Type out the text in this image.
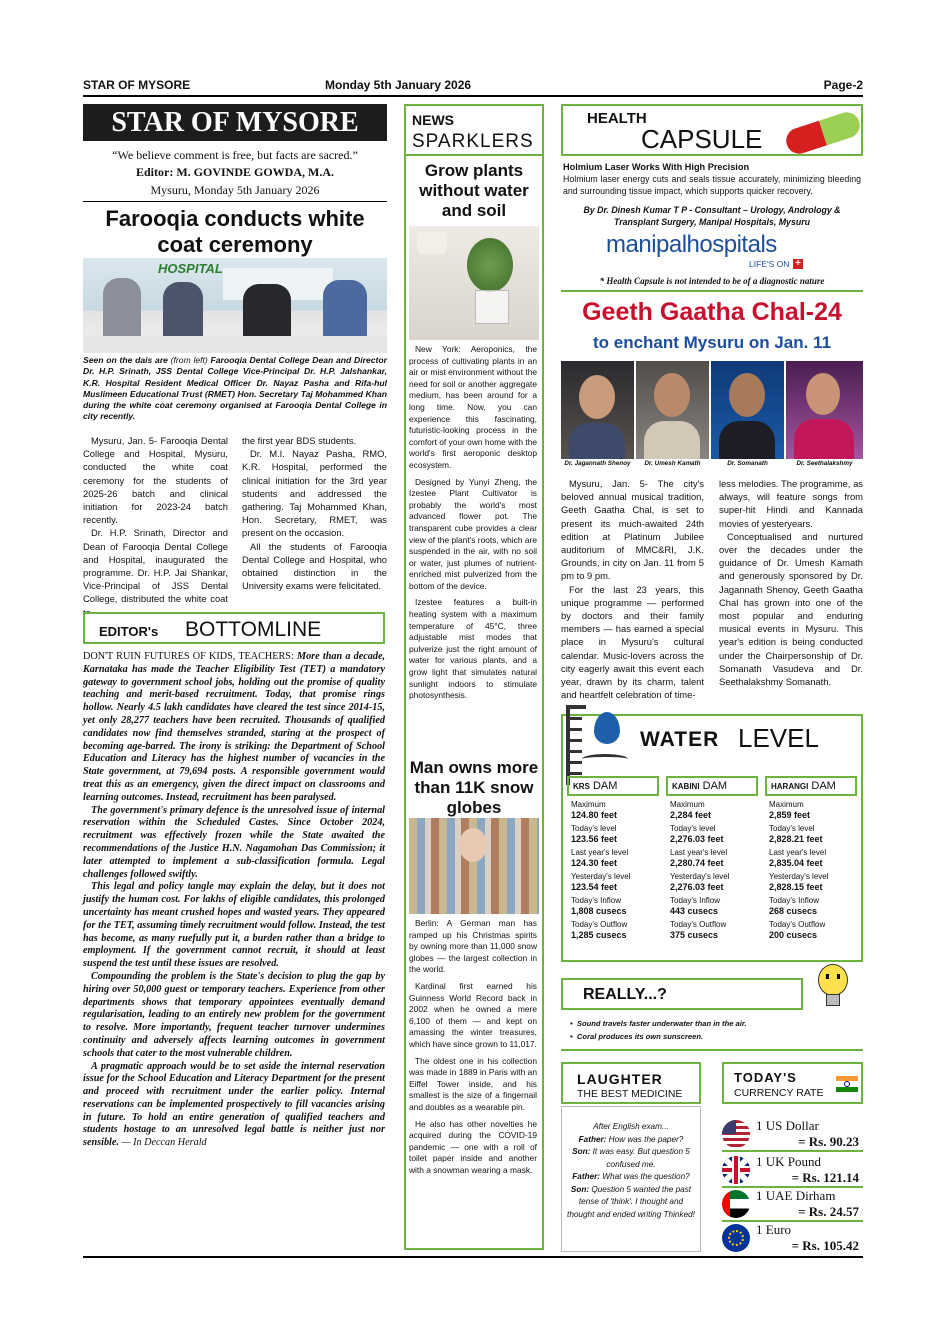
STAR OF MYSORE	Monday 5th January 2026	Page-2
STAR OF MYSORE
“We believe comment is free, but facts are sacred.”
Editor: M. GOVINDE GOWDA, M.A.
Mysuru, Monday 5th January 2026
Farooqia conducts white coat ceremony
HOSPITAL
Seen on the dais are (from left) Farooqia Dental College Dean and Director Dr. H.P. Srinath, JSS Dental College Vice-Principal Dr. H.P. Jalshankar, K.R. Hospital Resident Medical Officer Dr. Nayaz Pasha and Rifa-hul Muslimeen Educational Trust (RMET) Hon. Secretary Taj Mohammed Khan during the white coat ceremony organised at Farooqia Dental College in city recently.

Mysuru, Jan. 5- Farooqia Dental College and Hospital, Mysuru, conducted the white coat ceremony for the students of 2025-26 batch and clinical initiation for 2023-24 batch recently.

Dr. H.P. Srinath, Director and Dean of Farooqia Dental College and Hospital, inaugurated the programme. Dr. H.P. Jai Shankar, Vice-Principal of JSS Dental College, distributed the white coat

the first year BDS students.

Dr. M.I. Nayaz Pasha, RMO, K.R. Hospital, performed the clinical initiation for the 3rd year students and addressed the gathering. Taj Mohammed Khan, Hon. Secretary, RMET, was present on the occasion.

All the students of Farooqia Dental College and Hospital, who obtained distinction in the University exams were felicitated.

EDITOR's BOTTOMLINE

DON'T RUIN FUTURES OF KIDS, TEACHERS: More than a decade, Karnataka has made the Teacher Eligibility Test (TET) a mandatory gateway to government school jobs, holding out the promise of quality teaching and merit-based recruitment. Today, that promise rings hollow. Nearly 4.5 lakh candidates have cleared the test since 2014-15, yet only 28,277 teachers have been recruited. Thousands of qualified candidates now find themselves stranded, staring at the prospect of becoming age-barred. The irony is striking: the Department of School Education and Literacy has the highest number of vacancies in the State government, at 79,694 posts. A responsible government would treat this as an emergency, given the direct impact on classrooms and learning outcomes. Instead, recruitment has been paralysed.

The government's primary defence is the unresolved issue of internal reservation within the Scheduled Castes. Since October 2024, recruitment was effectively frozen while the State awaited the recommendations of the Justice H.N. Nagamohan Das Commission; it later attempted to implement a sub-classification formula. Legal challenges followed swiftly.

This legal and policy tangle may explain the delay, but it does not justify the human cost. For lakhs of eligible candidates, this prolonged uncertainty has meant crushed hopes and wasted years. They appeared for the TET, assuming timely recruitment would follow. Instead, the test has become, as many ruefully put it, a burden rather than a bridge to employment. If the government cannot recruit, it should at least suspend the test until these issues are resolved.

Compounding the problem is the State's decision to plug the gap by hiring over 50,000 guest or temporary teachers. Experience from other departments shows that temporary appointees eventually demand regularisation, leading to an entirely new problem for the government to resolve. More importantly, frequent teacher turnover undermines continuity and adversely affects learning outcomes in government schools that cater to the most vulnerable children.

A pragmatic approach would be to set aside the internal reservation issue for the School Education and Literacy Department for the present and proceed with recruitment under the earlier policy. Internal reservations can be implemented prospectively to fill vacancies arising in future. To hold an entire generation of qualified teachers and students hostage to an unresolved legal battle is neither just nor sensible. — In Deccan Herald

NEWS
SPARKLERS
Grow plants without water and soil

New York: Aeroponics, the process of cultivating plants in an air or mist environment without the need for soil or another aggregate medium, has been around for a long time. Now, you can experience this fascinating, futuristic-looking process in the comfort of your own home with the world's first aeroponic desktop ecosystem.

Designed by Yunyi Zheng, the Izestee Plant Cultivator is probably the world's most advanced flower pot. The transparent cube provides a clear view of the plant's roots, which are suspended in the air, with no soil or water, just plumes of nutrient-enriched mist pulverized from the bottom of the device.

Izestee features a built-in heating system with a maximum temperature of 45°C, three adjustable mist modes that pulverize just the right amount of water for various plants, and a grow light that simulates natural sunlight indoors to stimulate photosynthesis.

Man owns more than 11K snow globes

Berlin: A German man has ramped up his Christmas spirits by owning more than 11,000 snow globes — the largest collection in the world.

Kardinal first earned his Guinness World Record back in 2002 when he owned a mere 6,100 of them — and kept on amassing the winter treasures, which have since grown to 11,017.

The oldest one in his collection was made in 1889 in Paris with an Eiffel Tower inside, and his smallest is the size of a fingernail and doubles as a wearable pin.

He also has other novelties he acquired during the COVID-19 pandemic — one with a roll of toilet paper inside and another with a snowman wearing a mask.

HEALTH
CAPSULE
Holmium Laser Works With High Precision
Holmium laser energy cuts and seals tissue accurately, minimizing bleeding and surrounding tissue impact, which supports quicker recovery.
By Dr. Dinesh Kumar T P - Consultant – Urology, Andrology & Transplant Surgery, Manipal Hospitals, Mysuru
manipalhospitals
LIFE'S ON +
* Health Capsule is not intended to be of a diagnostic nature
Geeth Gaatha Chal-24
to enchant Mysuru on Jan. 11
Dr. Jagannath Shenoy	Dr. Umesh Kamath	Dr. Somanath	Dr. Seethalakshmy

Mysuru, Jan. 5- The city's beloved annual musical tradition, Geeth Gaatha Chal, is set to present its much-awaited 24th edition at Platinum Jubilee auditorium of MMC&RI, J.K. Grounds, in city on Jan. 11 from 5 pm to 9 pm.

For the last 23 years, this unique programme — performed by doctors and their family members — has earned a special place in Mysuru's cultural calendar. Music-lovers across the city eagerly await this event each year, drawn by its charm, talent and heartfelt celebration of time-

less melodies. The programme, as always, will feature songs from super-hit Hindi and Kannada movies of yesteryears.

Conceptualised and nurtured over the decades under the guidance of Dr. Umesh Kamath and generously sponsored by Dr. Jagannath Shenoy, Geeth Gaatha Chal has grown into one of the most popular and enduring musical events in Mysuru. This year's edition is being conducted under the Chairpersonship of Dr. Somanath Vasudeva and Dr. Seethalakshmy Somanath.

WATER LEVEL
KRS DAM
Maximum
124.80 feet
Today's level
123.56 feet
Last year's level
124.30 feet
Yesterday's level
123.54 feet
Today's Inflow
1,808 cusecs
Today's Outflow
1,285 cusecs
KABINI DAM
Maximum
2,284 feet
Today's level
2,276.03 feet
Last year's level
2,280.74 feet
Yesterday's level
2,276.03 feet
Today's Inflow
443 cusecs
Today's Outflow
375 cusecs
HARANGI DAM
Maximum
2,859 feet
Today's level
2,828.21 feet
Last year's level
2,835.04 feet
Yesterday's level
2,828.15 feet
Today's Inflow
268 cusecs
Today's Outflow
200 cusecs
REALLY...?
•  Sound travels faster underwater than in the air.
•  Coral produces its own sunscreen.
LAUGHTER
THE BEST MEDICINE
After English exam...
Father: How was the paper?
Son: It was easy. But question 5 confused me.
Father: What was the question?
Son: Question 5 wanted the past tense of 'think'. I thought and thought and ended writing Thinked!
TODAY'S
CURRENCY RATE
1 US Dollar
= Rs. 90.23
1 UK Pound
= Rs. 121.14
1 UAE Dirham
= Rs. 24.57
1 Euro
= Rs. 105.42
